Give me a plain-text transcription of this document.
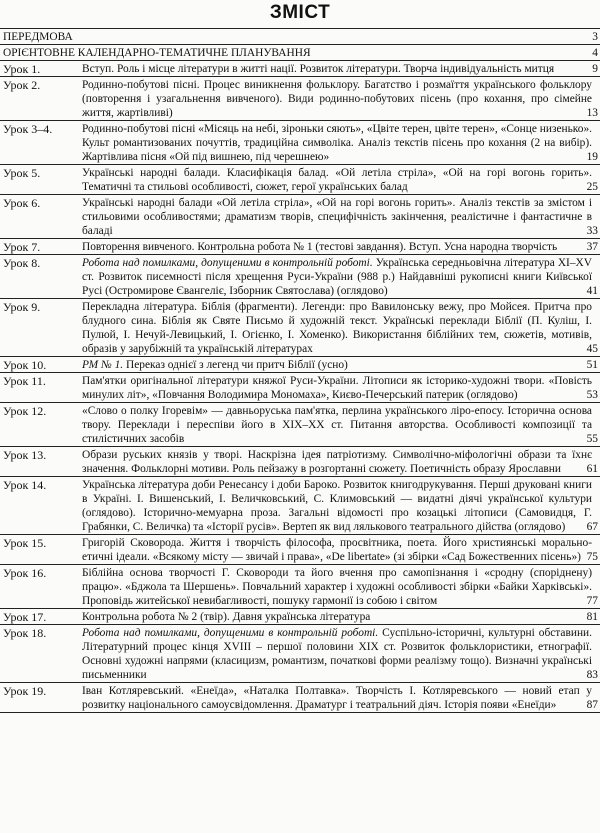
ЗМІСТ
ПЕРЕДМОВА	3
ОРІЄНТОВНЕ КАЛЕНДАРНО-ТЕМАТИЧНЕ ПЛАНУВАННЯ	4
Урок 1.	Вступ. Роль і місце літератури в житті нації. Розвиток літератури. Творча індивідуальність митця	9
Урок 2.	Родинно-побутові пісні. Процес виникнення фольклору. Багатство і розмаїття українського фольклору (повторення і узагальнення вивченого). Види родинно-побутових пісень (про кохання, про сімейне життя, жартівливі)	13
Урок 3–4.	Родинно-побутові пісні «Місяць на небі, зіроньки сяють», «Цвіте терен, цвіте терен», «Сонце низенько». Культ романтизованих почуттів, традиційна символіка. Аналіз текстів пісень про кохання (2 на вибір). Жартівлива пісня «Ой під вишнею, під черешнею»	19
Урок 5.	Українські народні балади. Класифікація балад. «Ой летіла стріла», «Ой на горі вогонь горить». Тематичні та стильові особливості, сюжет, герої українських балад	25
Урок 6.	Українські народні балади «Ой летіла стріла», «Ой на горі вогонь горить». Аналіз текстів за змістом і стильовими особливостями; драматизм творів, специфічність закінчення, реалістичне і фантастичне в баладі	33
Урок 7.	Повторення вивченого. Контрольна робота № 1 (тестові завдання). Вступ. Усна народна творчість	37
Урок 8.	Робота над помилками, допущеними в контрольній роботі. Українська середньовічна література XI–XV ст. Розвиток писемності після хрещення Руси-України (988 р.) Найдавніші рукописні книги Київської Русі (Остромирове Євангеліє, Ізборник Святослава) (оглядово)	41
Урок 9.	Перекладна література. Біблія (фрагменти). Легенди: про Вавилонську вежу, про Мойсея. Притча про блудного сина. Біблія як Святе Письмо й художній текст. Українські переклади Біблії (П. Куліш, І. Пулюй, І. Нечуй-Левицький, І. Огієнко, І. Хоменко). Використання біблійних тем, сюжетів, мотивів, образів у зарубіжній та українській літературах	45
Урок 10.	РМ № 1. Переказ однієї з легенд чи притч Біблії (усно)	51
Урок 11.	Пам'ятки оригінальної літератури княжої Руси-України. Літописи як історико-художні твори. «Повість минулих літ», «Повчання Володимира Мономаха», Києво-Печерський патерик (оглядово)	53
Урок 12.	«Слово о полку Ігоревім» — давньоруська пам'ятка, перлина українського ліро-епосу. Історична основа твору. Переклади і переспіви його в XIX–XX ст. Питання авторства. Особливості композиції та стилістичних засобів	55
Урок 13.	Образи руських князів у творі. Наскрізна ідея патріотизму. Символічно-міфологічні образи та їхнє значення. Фольклорні мотиви. Роль пейзажу в розгортанні сюжету. Поетичність образу Ярославни	61
Урок 14.	Українська література доби Ренесансу і доби Бароко. Розвиток книгодрукування. Перші друковані книги в Україні. І. Вишенський, І. Величковський, С. Климовський — видатні діячі української культури (оглядово). Історично-мемуарна проза. Загальні відомості про козацькі літописи (Самовидця, Г. Грабянки, С. Величка) та «Історії русів». Вертеп як вид лялькового театрального дійства (оглядово)	67
Урок 15.	Григорій Сковорода. Життя і творчість філософа, просвітника, поета. Його християнські морально-етичні ідеали. «Всякому місту — звичай і права», «De libertate» (зі збірки «Сад Божественних пісень») 75
Урок 16.	Біблійна основа творчості Г. Сковороди та його вчення про самопізнання і «сродну (споріднену) працю». «Бджола та Шершень». Повчальний характер і художні особливості збірки «Байки Харківські». Проповідь житейської невибагливості, пошуку гармонії із собою і світом	77
Урок 17.	Контрольна робота № 2 (твір). Давня українська література	81
Урок 18.	Робота над помилками, допущеними в контрольній роботі. Суспільно-історичні, культурні обставини. Літературний процес кінця XVIII – першої половини XIX ст. Розвиток фольклористики, етнографії. Основні художні напрями (класицизм, романтизм, початкові форми реалізму тощо). Визначні українські письменники	83
Урок 19.	Іван Котляревський. «Енеїда», «Наталка Полтавка». Творчість І. Котляревського — новий етап у розвитку національного самоусвідомлення. Драматург і театральний діяч. Історія появи «Енеїди»	87
